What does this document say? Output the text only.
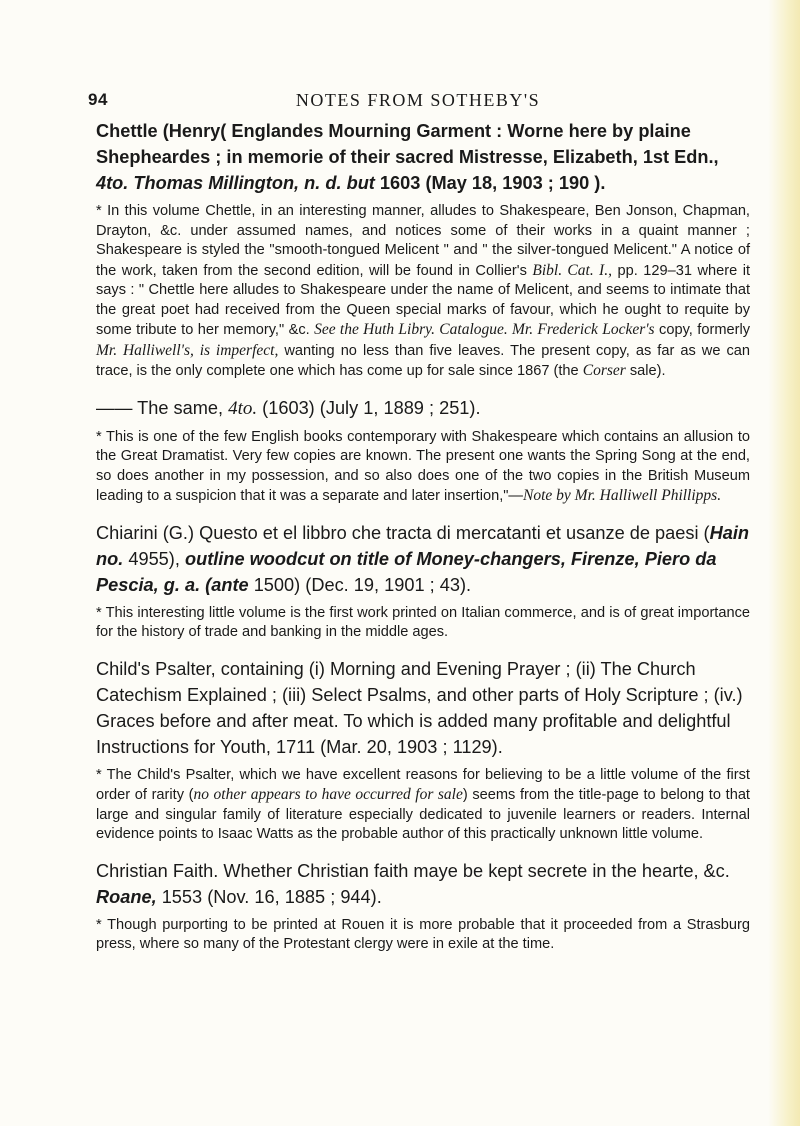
94	NOTES FROM SOTHEBY'S

Chettle (Henry( Englandes Mourning Garment : Worne here by plaine Shepheardes ; in memorie of their sacred Mistresse, Elizabeth, 1st Edn., 4to. Thomas Millington, n. d. but 1603 (May 18, 1903 ; 190 ).

* In this volume Chettle, in an interesting manner, alludes to Shakespeare, Ben Jonson, Chapman, Drayton, &c. under assumed names, and notices some of their works in a quaint manner ; Shakespeare is styled the "smooth-tongued Melicent " and " the silver-tongued Melicent." A notice of the work, taken from the second edition, will be found in Collier's Bibl. Cat. I., pp. 129–31 where it says : " Chettle here alludes to Shakespeare under the name of Melicent, and seems to intimate that the great poet had received from the Queen special marks of favour, which he ought to requite by some tribute to her memory," &c. See the Huth Libry. Catalogue. Mr. Frederick Locker's copy, formerly Mr. Halliwell's, is imperfect, wanting no less than five leaves. The present copy, as far as we can trace, is the only complete one which has come up for sale since 1867 (the Corser sale).

—— The same, 4to. (1603) (July 1, 1889 ; 251).

* This is one of the few English books contemporary with Shakespeare which contains an allusion to the Great Dramatist. Very few copies are known. The present one wants the Spring Song at the end, so does another in my possession, and so also does one of the two copies in the British Museum leading to a suspicion that it was a separate and later insertion,"—Note by Mr. Halliwell Phillipps.

Chiarini (G.) Questo et el libbro che tracta di mercatanti et usanze de paesi (Hain no. 4955), outline woodcut on title of Money-changers, Firenze, Piero da Pescia, g. a. (ante 1500) (Dec. 19, 1901 ; 43).

* This interesting little volume is the first work printed on Italian commerce, and is of great importance for the history of trade and banking in the middle ages.

Child's Psalter, containing (i) Morning and Evening Prayer ; (ii) The Church Catechism Explained ; (iii) Select Psalms, and other parts of Holy Scripture ; (iv.) Graces before and after meat. To which is added many profitable and delightful Instructions for Youth, 1711 (Mar. 20, 1903 ; 1129).

* The Child's Psalter, which we have excellent reasons for believing to be a little volume of the first order of rarity (no other appears to have occurred for sale) seems from the title-page to belong to that large and singular family of literature especially dedicated to juvenile learners or readers. Internal evidence points to Isaac Watts as the probable author of this practically unknown little volume.

Christian Faith. Whether Christian faith maye be kept secrete in the hearte, &c. Roane, 1553 (Nov. 16, 1885 ; 944).

* Though purporting to be printed at Rouen it is more probable that it proceeded from a Strasburg press, where so many of the Protestant clergy were in exile at the time.
